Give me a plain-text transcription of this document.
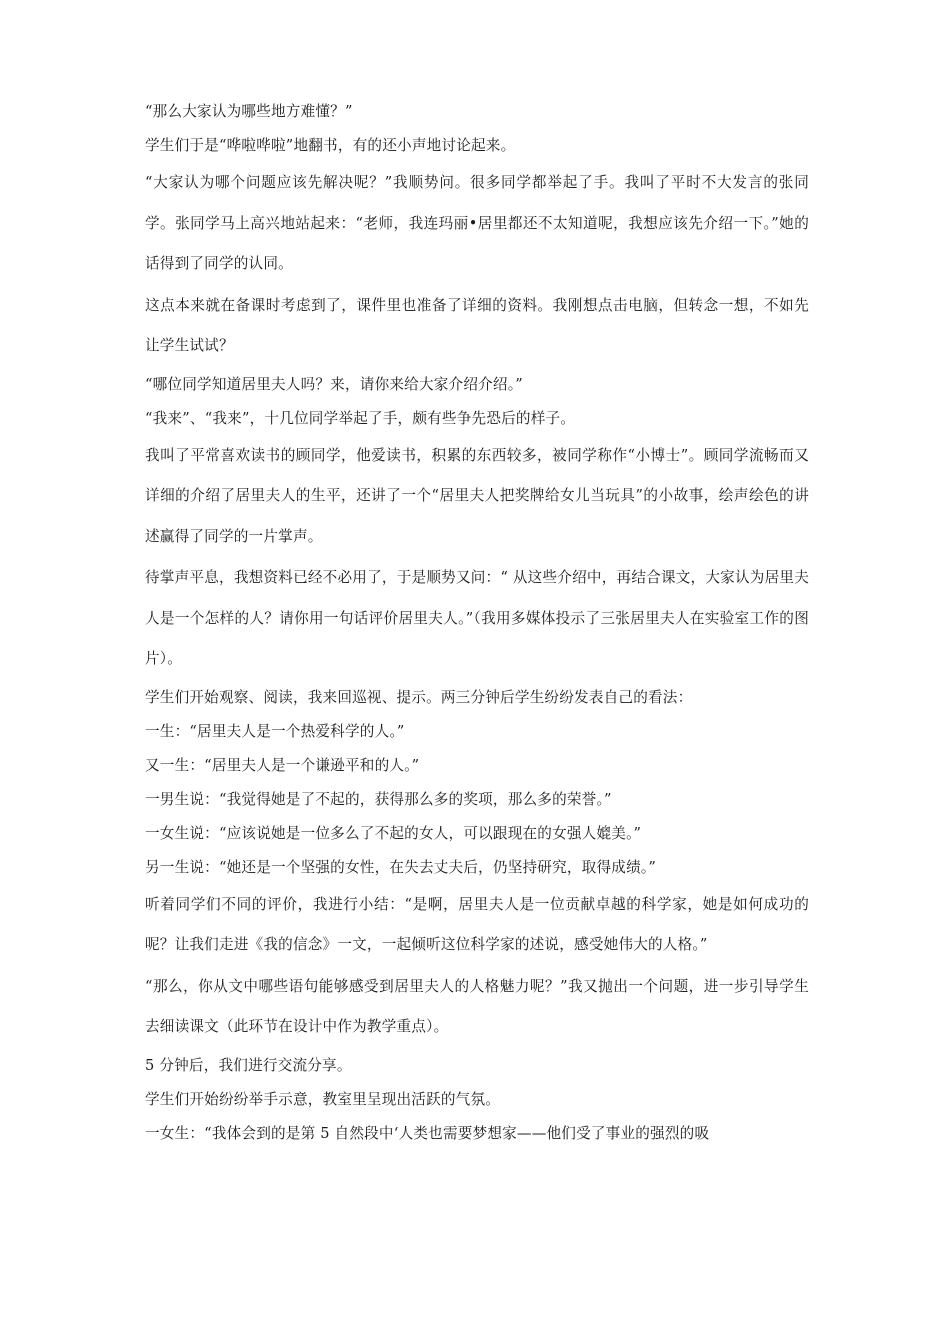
“那么大家认为哪些地方难懂？”

学生们于是“哗啦哗啦”地翻书，有的还小声地讨论起来。

“大家认为哪个问题应该先解决呢？”我顺势问。很多同学都举起了手。我叫了平时不大发言的张同学。张同学马上高兴地站起来：“老师，我连玛丽•居里都还不太知道呢，我想应该先介绍一下。”她的话得到了同学的认同。

这点本来就在备课时考虑到了，课件里也准备了详细的资料。我刚想点击电脑，但转念一想，不如先让学生试试？

“哪位同学知道居里夫人吗？来，请你来给大家介绍介绍。”

“我来”、“我来”，十几位同学举起了手，颇有些争先恐后的样子。

我叫了平常喜欢读书的顾同学，他爱读书，积累的东西较多，被同学称作“小博士”。顾同学流畅而又详细的介绍了居里夫人的生平，还讲了一个“居里夫人把奖牌给女儿当玩具”的小故事，绘声绘色的讲述赢得了同学的一片掌声。

待掌声平息，我想资料已经不必用了，于是顺势又问：“ 从这些介绍中，再结合课文，大家认为居里夫人是一个怎样的人？请你用一句话评价居里夫人。”（我用多媒体投示了三张居里夫人在实验室工作的图片）。

学生们开始观察、阅读，我来回巡视、提示。两三分钟后学生纷纷发表自己的看法：

一生：“居里夫人是一个热爱科学的人。”

又一生：“居里夫人是一个谦逊平和的人。”

一男生说：“我觉得她是了不起的，获得那么多的奖项，那么多的荣誉。”

一女生说：“应该说她是一位多么了不起的女人，可以跟现在的女强人媲美。”

另一生说：“她还是一个坚强的女性，在失去丈夫后，仍坚持研究，取得成绩。”

听着同学们不同的评价，我进行小结：“是啊，居里夫人是一位贡献卓越的科学家，她是如何成功的呢？让我们走进《我的信念》一文，一起倾听这位科学家的述说，感受她伟大的人格。”

“那么，你从文中哪些语句能够感受到居里夫人的人格魅力呢？”我又抛出一个问题，进一步引导学生去细读课文（此环节在设计中作为教学重点）。

5 分钟后，我们进行交流分享。

学生们开始纷纷举手示意，教室里呈现出活跃的气氛。

一女生：“我体会到的是第 5 自然段中‘人类也需要梦想家——他们受了事业的强烈的吸
